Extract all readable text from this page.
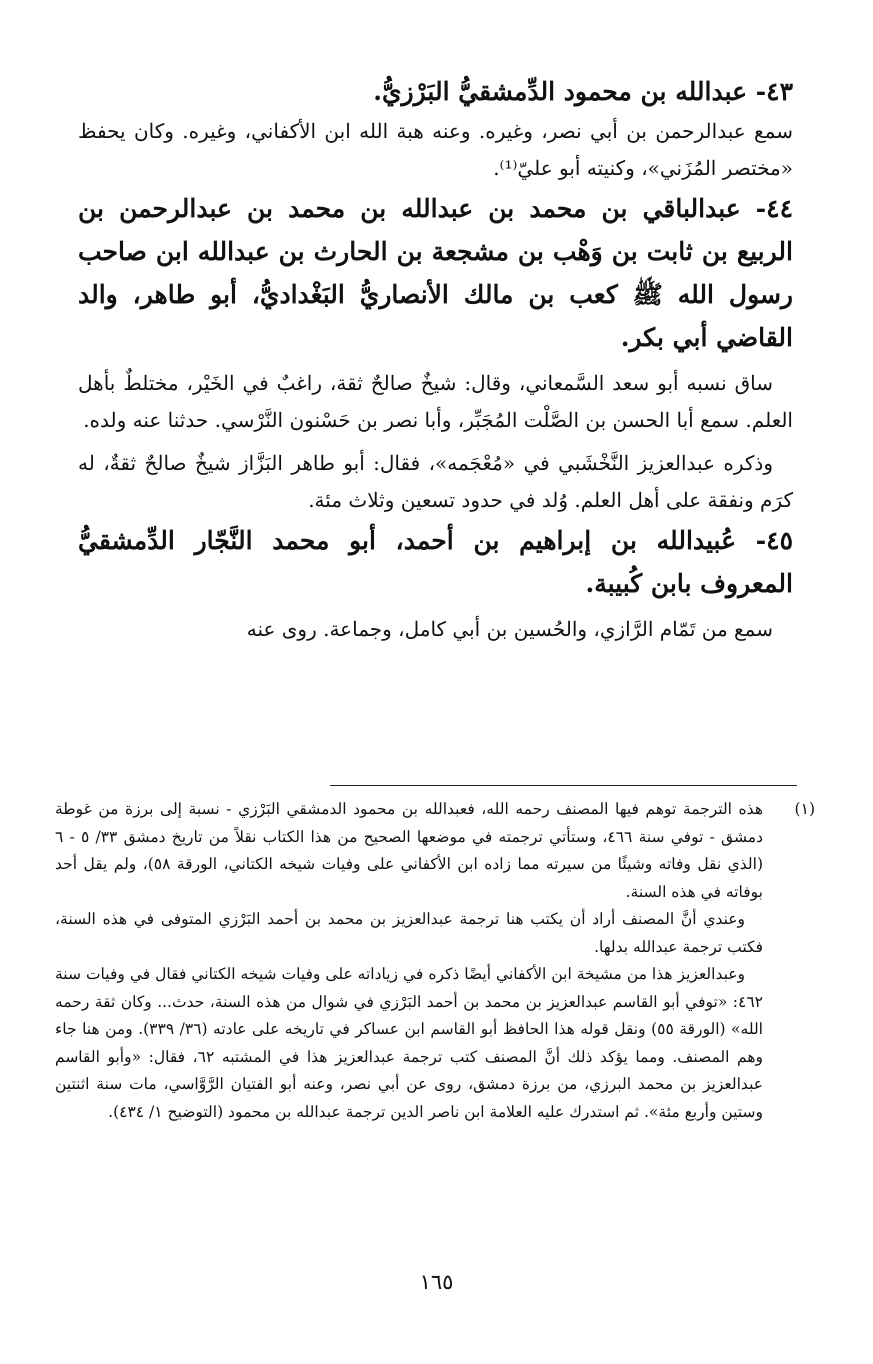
٤٣- عبدالله بن محمود الدِّمشقيُّ البَرْزيُّ.

سمع عبدالرحمن بن أبي نصر، وغيره. وعنه هبة الله ابن الأكفاني، وغيره. وكان يحفظ «مختصر المُزَني»، وكنيته أبو عليّ⁽¹⁾.

٤٤- عبدالباقي بن محمد بن عبدالله بن محمد بن عبدالرحمن بن الربيع بن ثابت بن وَهْب بن مشجعة بن الحارث بن عبدالله ابن صاحب رسول الله ﷺ كعب بن مالك الأنصاريُّ البَغْداديُّ، أبو طاهر، والد القاضي أبي بكر.

ساق نسبه أبو سعد السَّمعاني، وقال: شيخٌ صالحٌ ثقة، راغبٌ في الخَيْر، مختلطٌ بأهل العلم. سمع أبا الحسن بن الصَّلْت المُجَبِّر، وأبا نصر بن حَسْنون النَّرْسي. حدثنا عنه ولده.

وذكره عبدالعزيز النَّخْشَبي في «مُعْجَمه»، فقال: أبو طاهر البَزَّاز شيخٌ صالحٌ ثقةٌ، له كرَم ونفقة على أهل العلم. وُلد في حدود تسعين وثلاث مئة.

٤٥- عُبيدالله بن إبراهيم بن أحمد، أبو محمد النَّجّار الدِّمشقيُّ المعروف بابن كُبيبة.

سمع من تَمّام الرَّازي، والحُسين بن أبي كامل، وجماعة. روى عنه

(١)

هذه الترجمة توهم فيها المصنف رحمه الله، فعبدالله بن محمود الدمشقي البَرْزي - نسبة إلى برزة من غوطة دمشق - توفي سنة ٤٦٦، وستأتي ترجمته في موضعها الصحيح من هذا الكتاب نقلاً من تاريخ دمشق ٣٣/ ٥ - ٦ (الذي نقل وفاته وشيئًا من سيرته مما زاده ابن الأكفاني على وفيات شيخه الكتاني، الورقة ٥٨)، ولم يقل أحد بوفاته في هذه السنة.

وعندي أنَّ المصنف أراد أن يكتب هنا ترجمة عبدالعزيز بن محمد بن أحمد البَرْزي المتوفى في هذه السنة، فكتب ترجمة عبدالله بدلها.

وعبدالعزيز هذا من مشيخة ابن الأكفاني أيضًا ذكره في زياداته على وفيات شيخه الكتاني فقال في وفيات سنة ٤٦٢: «توفي أبو القاسم عبدالعزيز بن محمد بن أحمد البَرْزي في شوال من هذه السنة، حدث... وكان ثقة رحمه الله» (الورقة ٥٥) ونقل قوله هذا الحافظ أبو القاسم ابن عساكر في تاريخه على عادته (٣٦/ ٣٣٩). ومن هنا جاء وهم المصنف. ومما يؤكد ذلك أنَّ المصنف كتب ترجمة عبدالعزيز هذا في المشتبه ٦٢، فقال: «وأبو القاسم عبدالعزيز بن محمد البرزي، من برزة دمشق، روى عن أبي نصر، وعنه أبو الفتيان الرَّوَّاسي، مات سنة اثنتين وستين وأربع مئة». ثم استدرك عليه العلامة ابن ناصر الدين ترجمة عبدالله بن محمود (التوضيح ١/ ٤٣٤).

١٦٥
